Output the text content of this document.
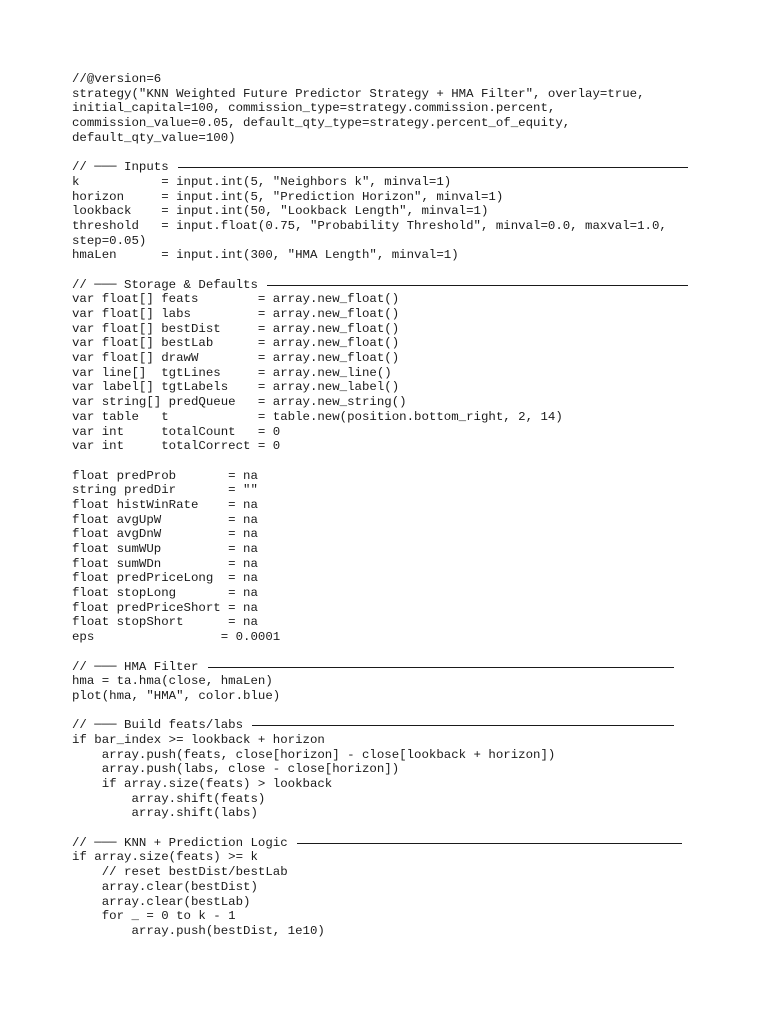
//@version=6
strategy("KNN Weighted Future Predictor Strategy + HMA Filter", overlay=true,
initial_capital=100, commission_type=strategy.commission.percent,
commission_value=0.05, default_qty_type=strategy.percent_of_equity,
default_qty_value=100)
// ─── Inputs
k           = input.int(5, "Neighbors k", minval=1)
horizon     = input.int(5, "Prediction Horizon", minval=1)
lookback    = input.int(50, "Lookback Length", minval=1)
threshold   = input.float(0.75, "Probability Threshold", minval=0.0, maxval=1.0,
step=0.05)
hmaLen      = input.int(300, "HMA Length", minval=1)
// ─── Storage & Defaults
var float[] feats        = array.new_float()
var float[] labs         = array.new_float()
var float[] bestDist     = array.new_float()
var float[] bestLab      = array.new_float()
var float[] drawW        = array.new_float()
var line[]  tgtLines     = array.new_line()
var label[] tgtLabels    = array.new_label()
var string[] predQueue   = array.new_string()
var table   t            = table.new(position.bottom_right, 2, 14)
var int     totalCount   = 0
var int     totalCorrect = 0
float predProb       = na
string predDir       = ""
float histWinRate    = na
float avgUpW         = na
float avgDnW         = na
float sumWUp         = na
float sumWDn         = na
float predPriceLong  = na
float stopLong       = na
float predPriceShort = na
float stopShort      = na
eps                 = 0.0001
// ─── HMA Filter
hma = ta.hma(close, hmaLen)
plot(hma, "HMA", color.blue)
// ─── Build feats/labs
if bar_index >= lookback + horizon
array.push(feats, close[horizon] - close[lookback + horizon])
array.push(labs, close - close[horizon])
if array.size(feats) > lookback
array.shift(feats)
array.shift(labs)
// ─── KNN + Prediction Logic
if array.size(feats) >= k
// reset bestDist/bestLab
array.clear(bestDist)
array.clear(bestLab)
for _ = 0 to k - 1
array.push(bestDist, 1e10)
